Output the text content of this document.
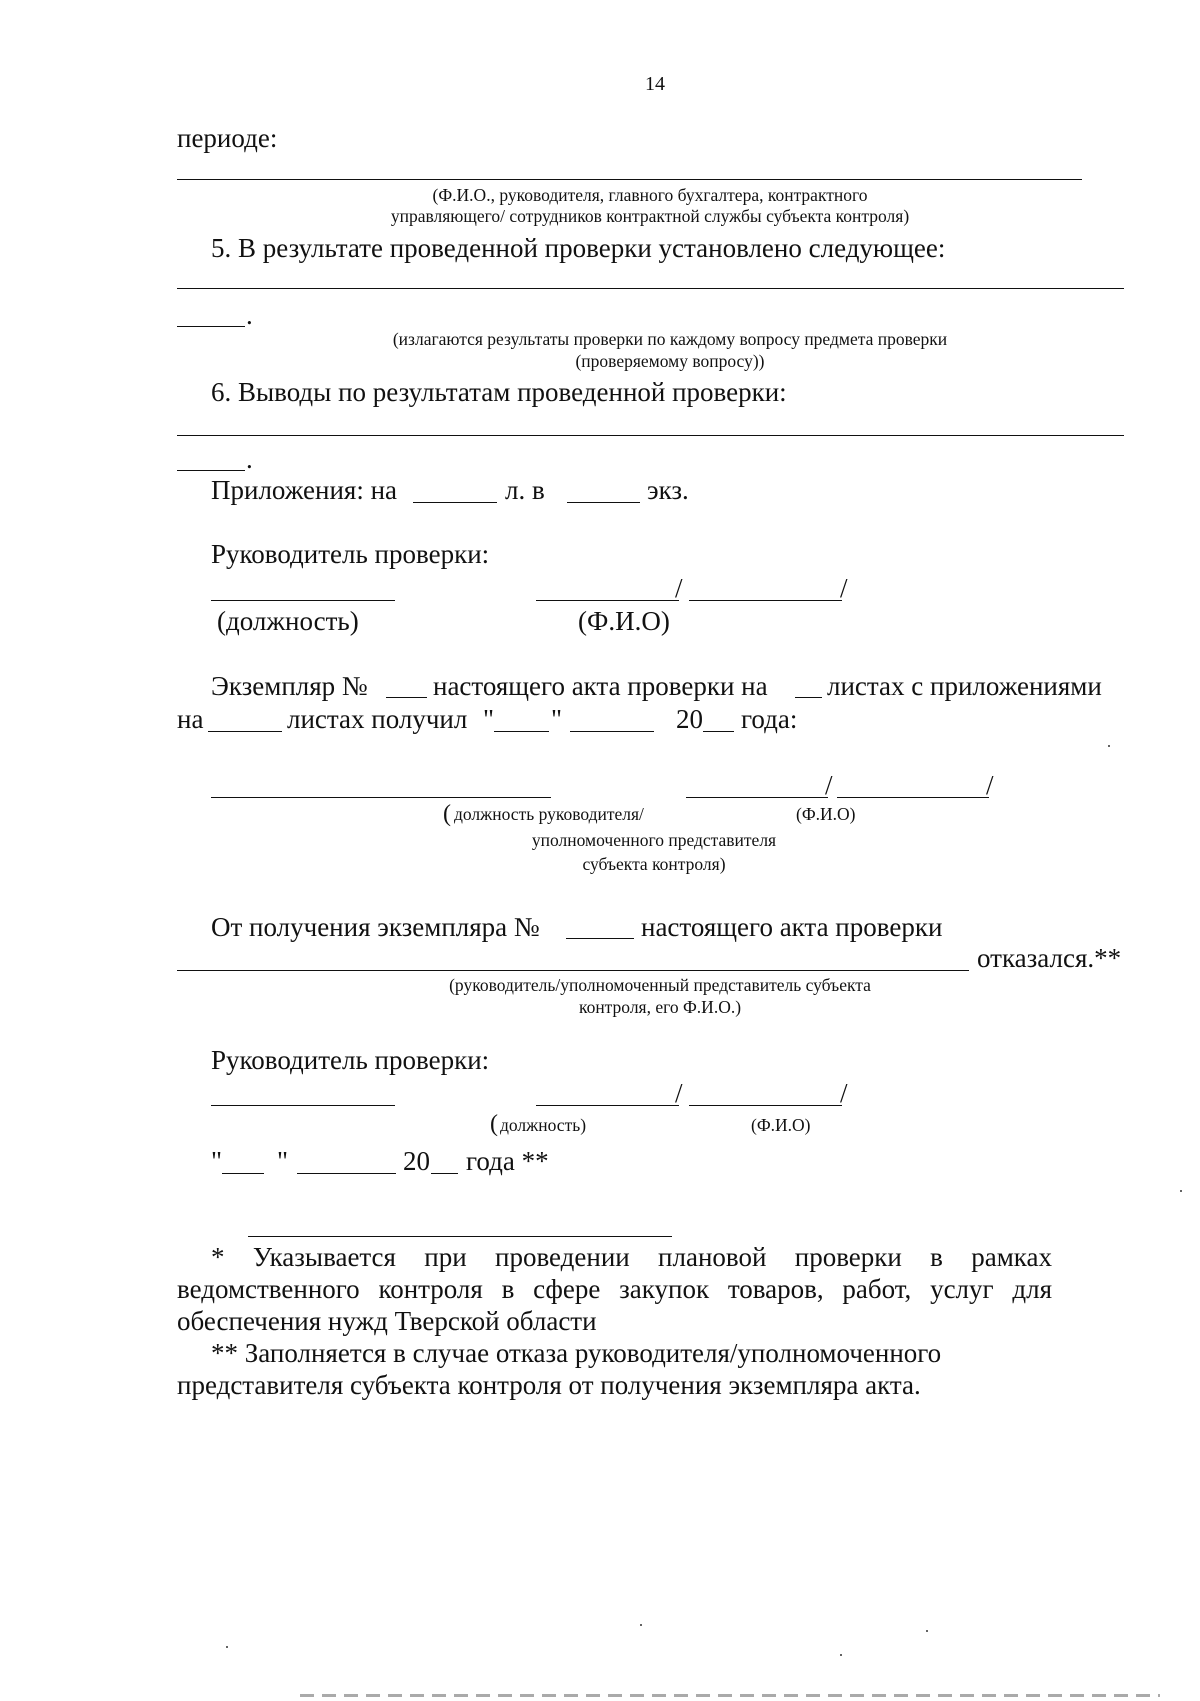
14
периоде:
(Ф.И.О., руководителя, главного бухгалтера, контрактного
управляющего/ сотрудников контрактной службы субъекта контроля)
5. В результате проведенной проверки установлено следующее:
.
(излагаются результаты проверки по каждому вопросу предмета проверки
(проверяемому вопросу))
6. Выводы по результатам проведенной проверки:
.
Приложения: на	л. в	экз.
Руководитель проверки:
/	/
(должность)	(Ф.И.О)
Экземпляр № настоящего акта проверки на листах с приложениями
на	листах получил " "	20 года:
/	/
( должность руководителя/	(Ф.И.О)
уполномоченного представителя
субъекта контроля)
От получения экземпляра №	настоящего акта проверки
отказался.**
(руководитель/уполномоченный представитель субъекта
контроля, его Ф.И.О.)
Руководитель проверки:
/	/
( должность)	(Ф.И.О)
" "	20 года **
* Указывается при проведении плановой проверки в рамках
ведомственного контроля в сфере закупок товаров, работ, услуг для
обеспечения нужд Тверской области
** Заполняется в случае отказа руководителя/уполномоченного
представителя субъекта контроля от получения экземпляра акта.
